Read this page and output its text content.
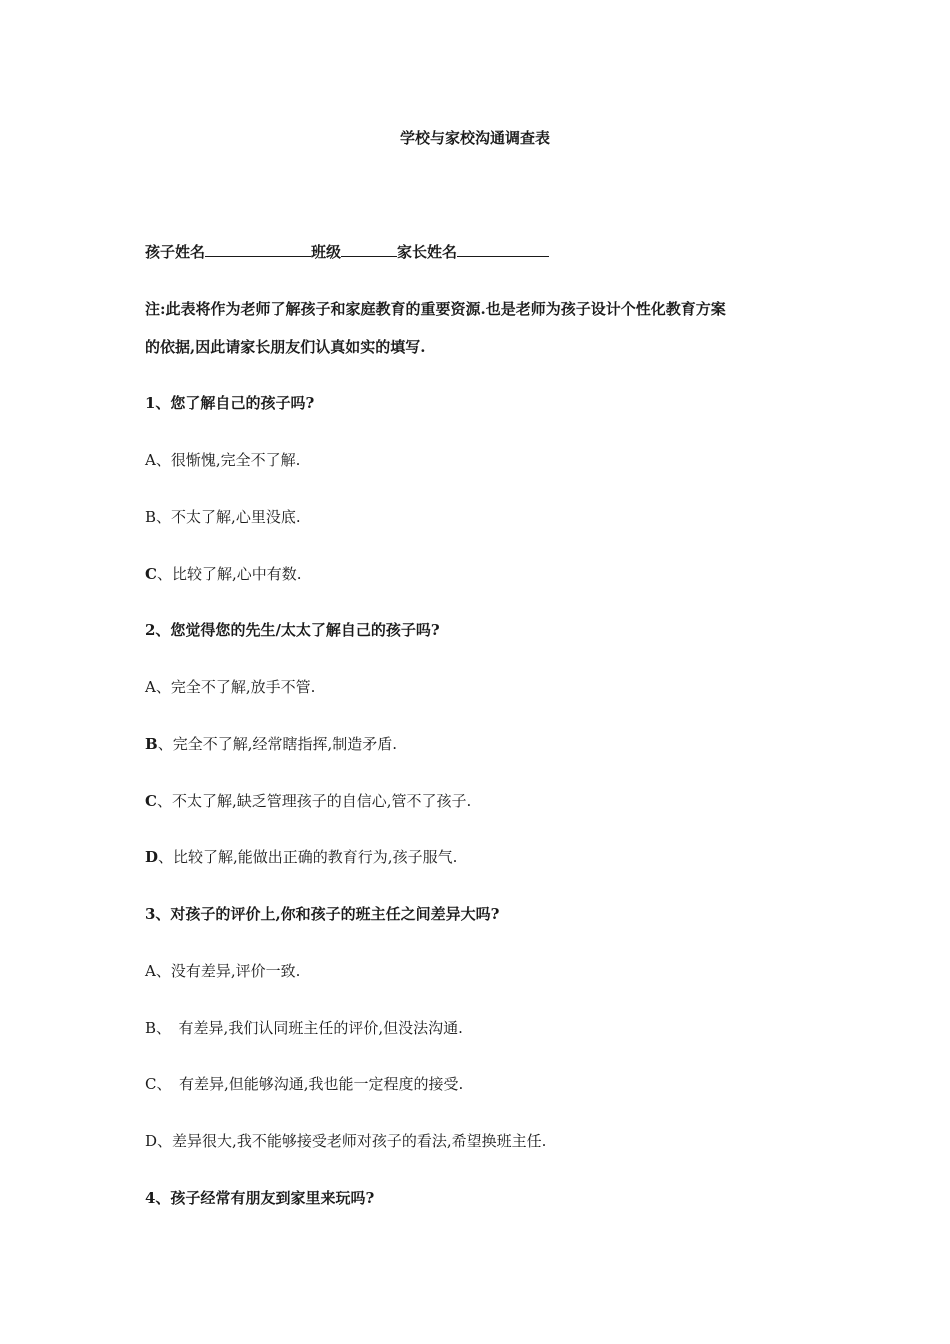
学校与家校沟通调查表
孩子姓名	班级	家长姓名
注:此表将作为老师了解孩子和家庭教育的重要资源.也是老师为孩子设计个性化教育方案
的依据,因此请家长朋友们认真如实的填写.
1、您了解自己的孩子吗?
A、很惭愧,完全不了解.
B、不太了解,心里没底.
C、比较了解,心中有数.
2、您觉得您的先生/太太了解自己的孩子吗?
A、完全不了解,放手不管.
B、完全不了解,经常瞎指挥,制造矛盾.
C、不太了解,缺乏管理孩子的自信心,管不了孩子.
D、比较了解,能做出正确的教育行为,孩子服气.
3、对孩子的评价上,你和孩子的班主任之间差异大吗?
A、没有差异,评价一致.
B、　有差异,我们认同班主任的评价,但没法沟通.
C、　有差异,但能够沟通,我也能一定程度的接受.
D、差异很大,我不能够接受老师对孩子的看法,希望换班主任.
4、孩子经常有朋友到家里来玩吗?
